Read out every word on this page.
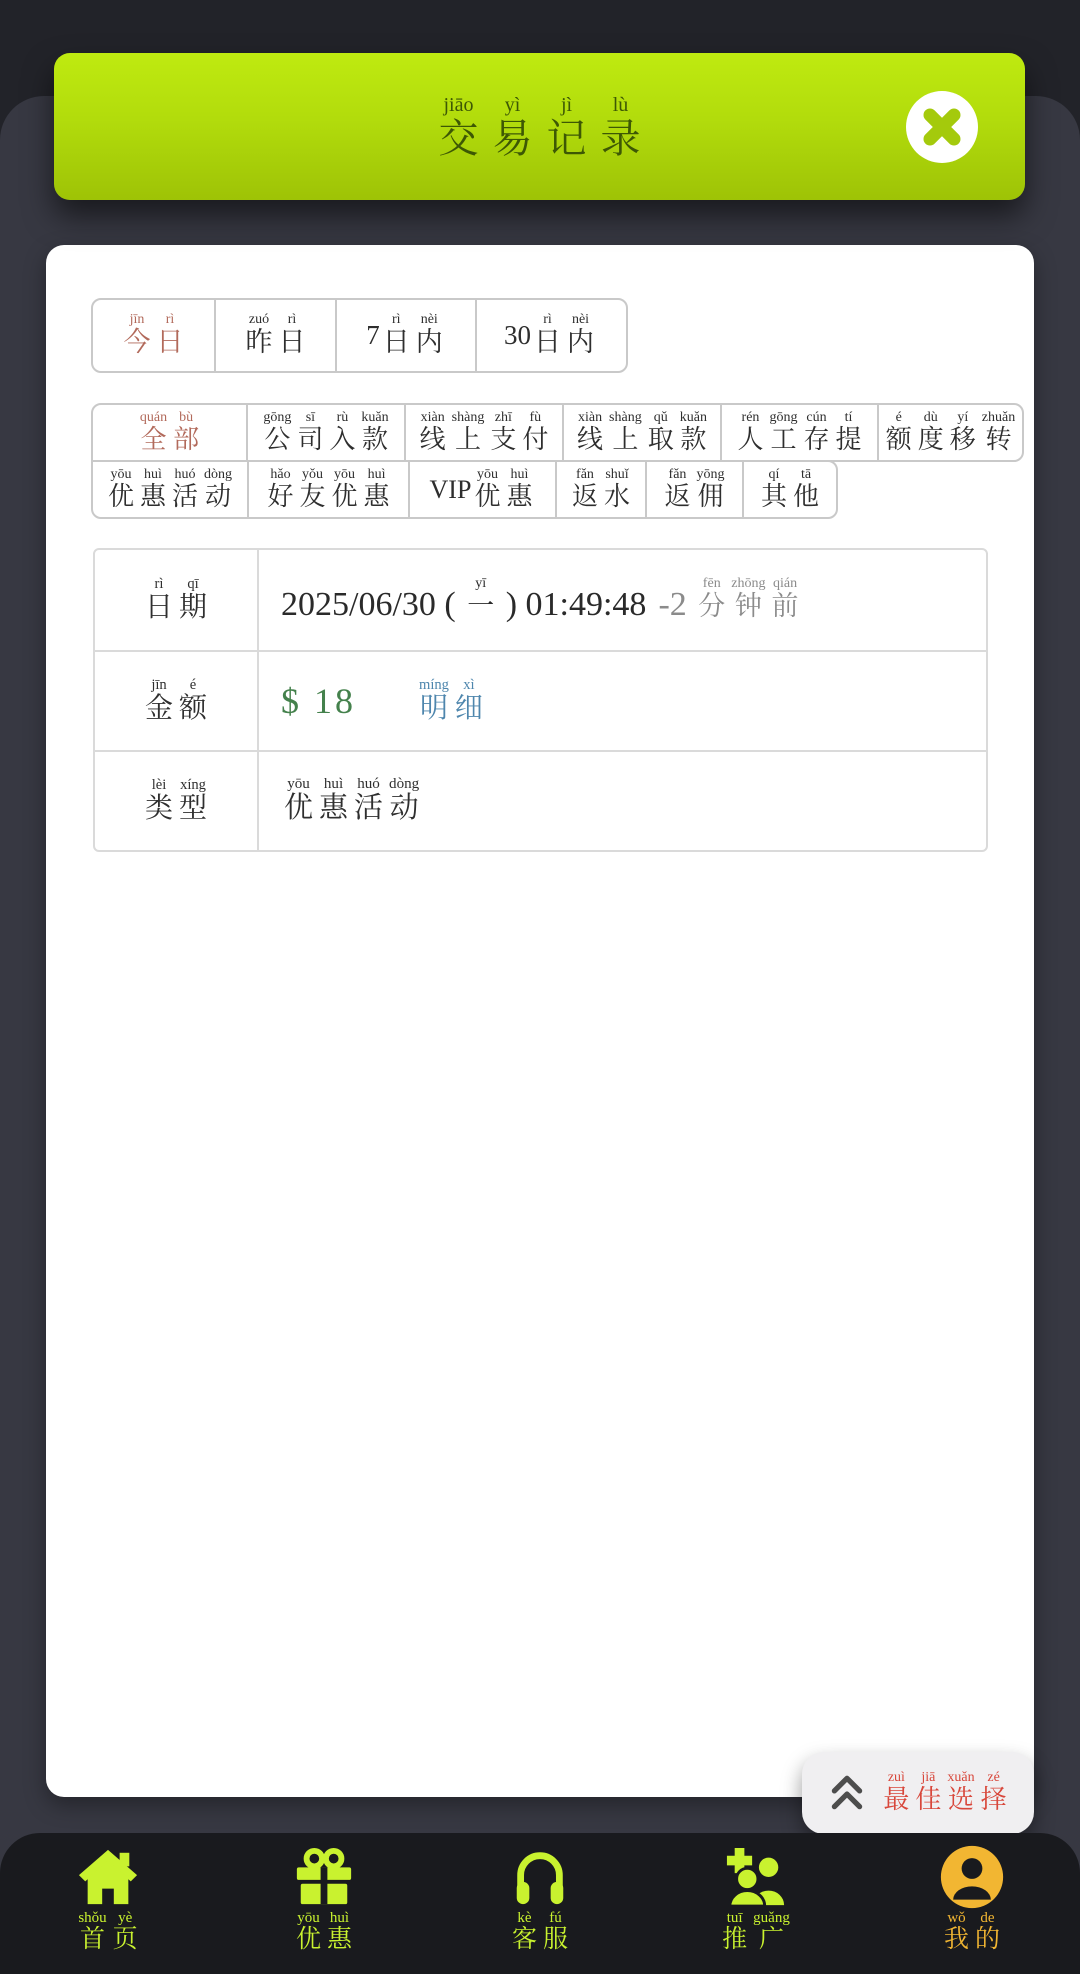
交jiāo易yì记jì录lù
今jīn
日rì
昨zuó
日rì
7 日rì
内nèi
30 日rì
内nèi
全quán
部bù
公gōng
司sī
入rù
款kuǎn
线xiàn
上shàng
支zhī
付fù
线xiàn
上shàng
取qǔ
款kuǎn
人rén
工gōng
存cún
提tí
额é
度dù
移yí
转zhuǎn
优yōu
惠huì
活huó
动dòng
好hǎo
友yǒu
优yōu
惠huì
VIP 优yōu
惠huì
返fǎn
水shuǐ
返fǎn
佣yōng
其qí
他tā
日rì
期qī
2025/06/30 ( 一yī ) 01:49:48 -2 分fēn钟zhōng前qián
金jīn
额é $ 18 明míng细xì
类lèi
型xíng
优yōu
惠huì
活huó
动dòng
最zuì佳jiā选xuǎn择zé
首shǒu页yè
优yōu惠huì
客kè服fú
推tuī广guǎng
我wǒ的de
